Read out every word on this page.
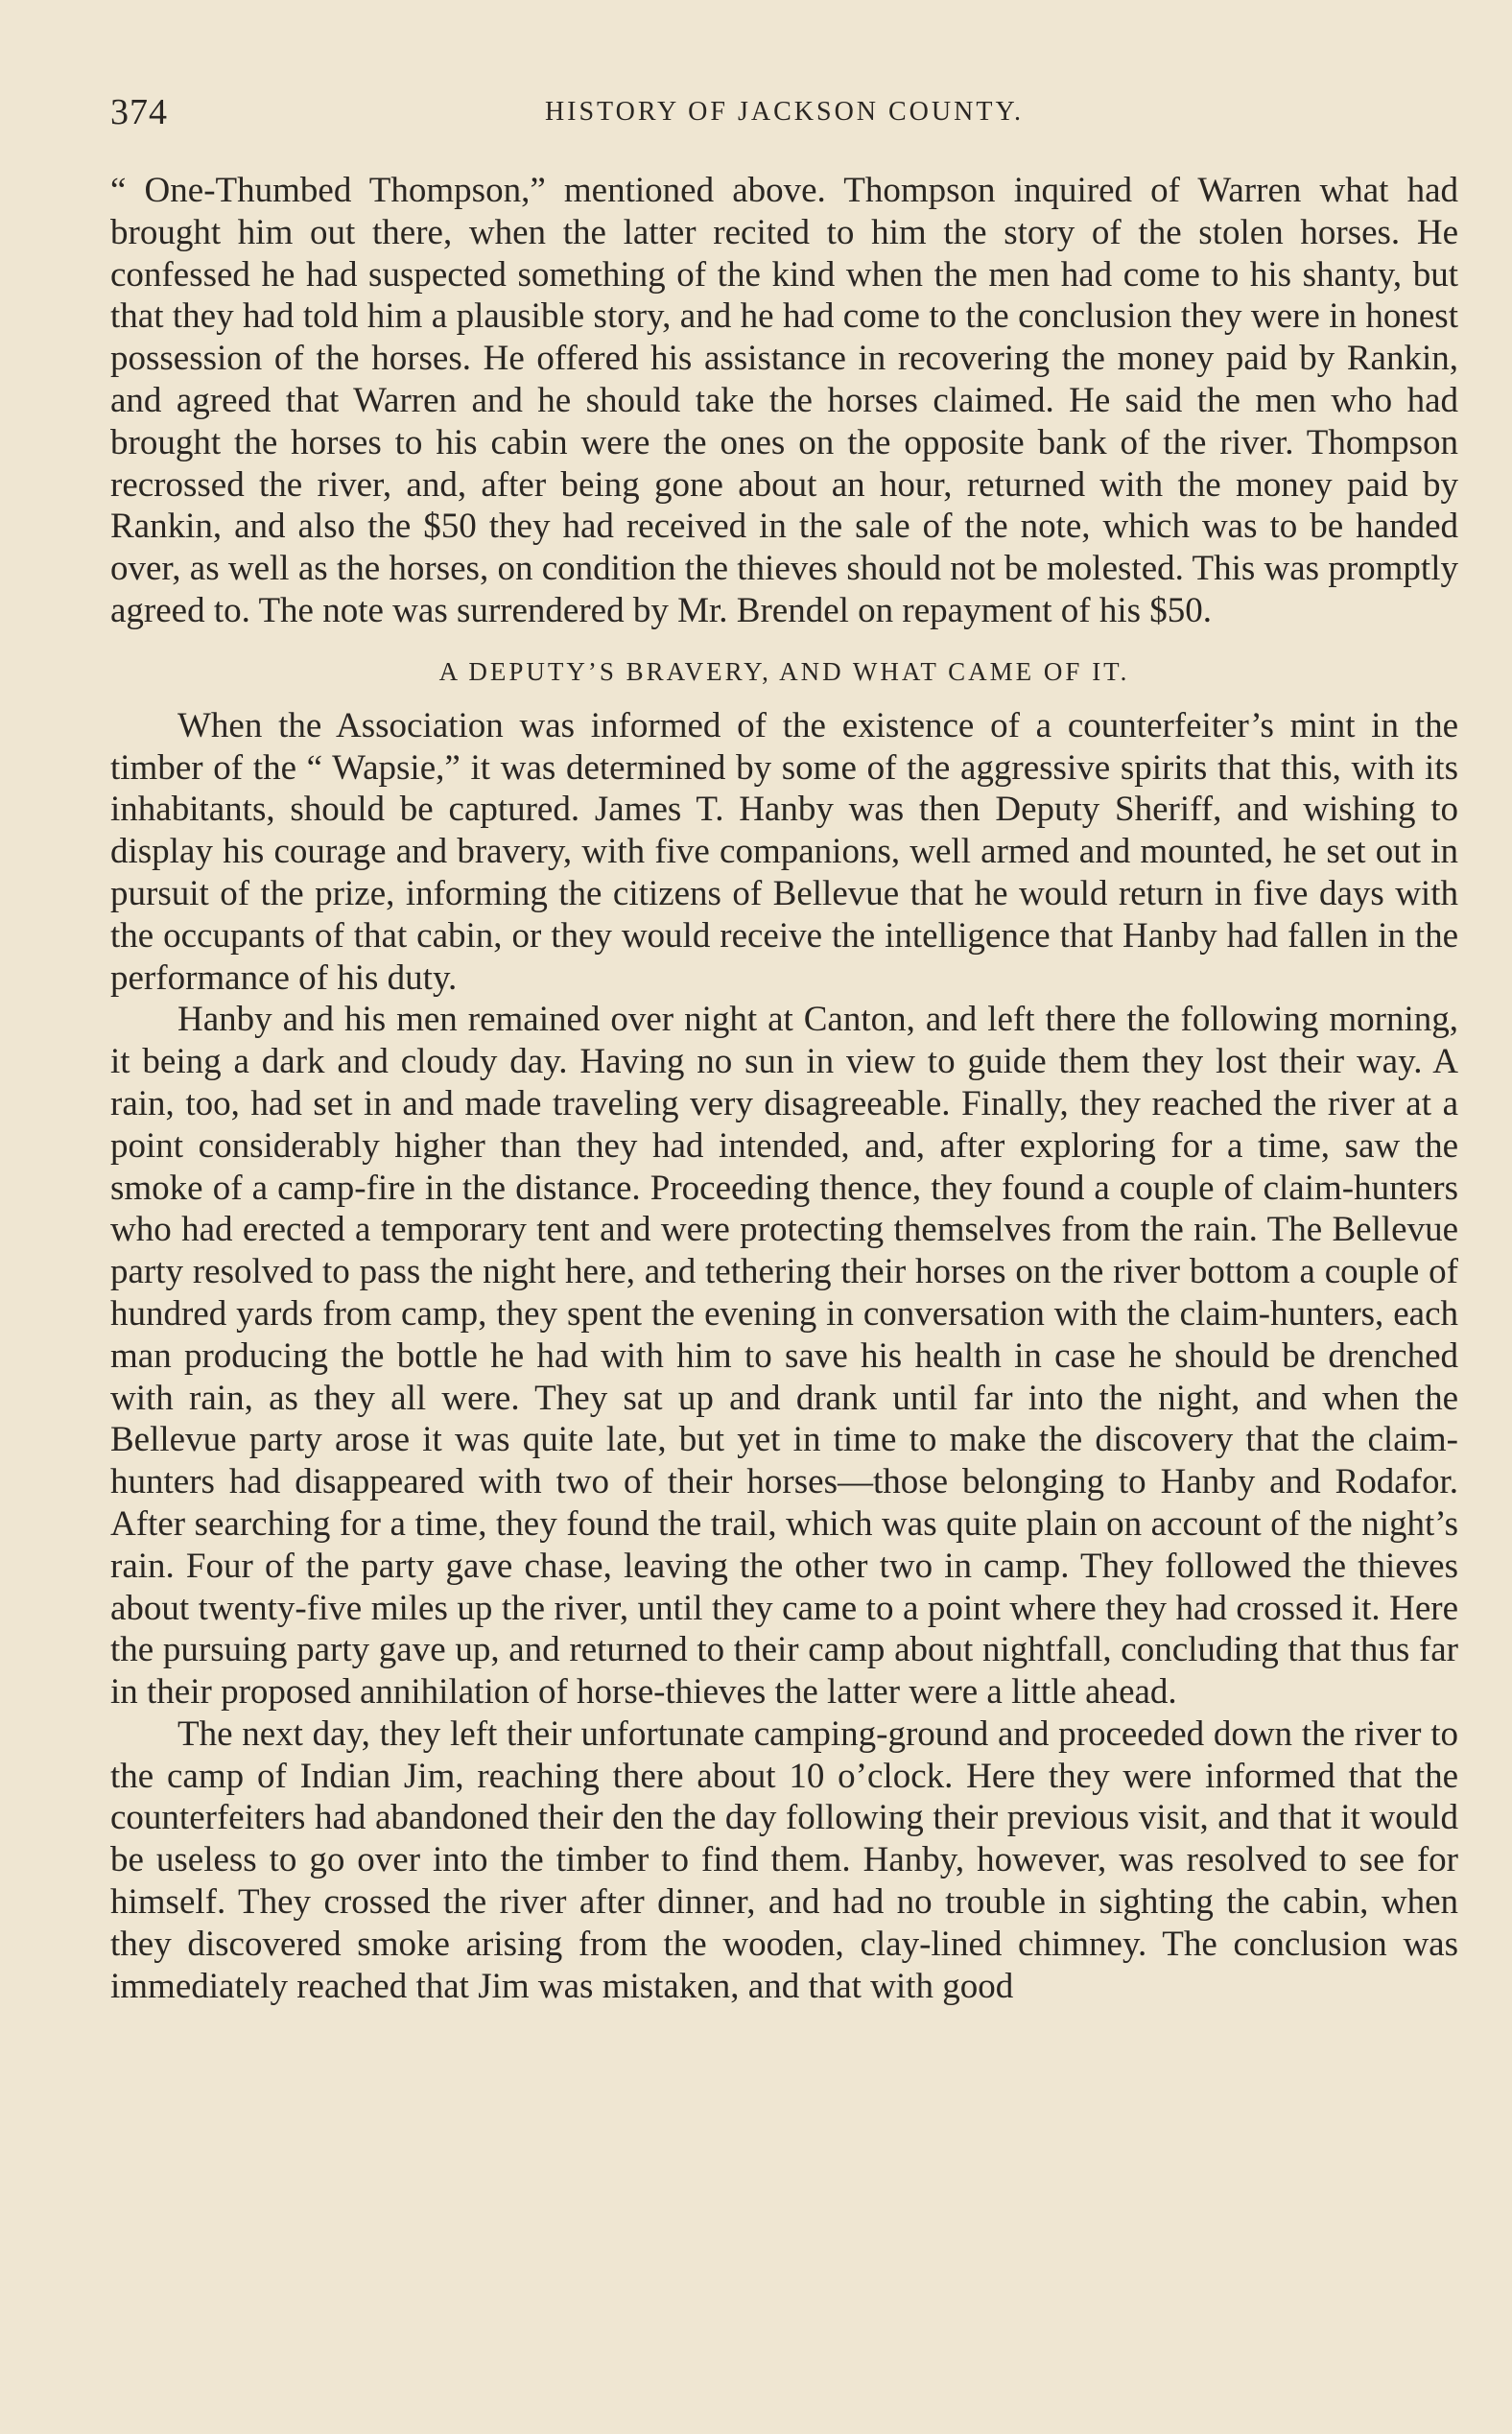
374	HISTORY OF JACKSON COUNTY.

“ One-Thumbed Thompson,” mentioned above. Thompson inquired of Warren what had brought him out there, when the latter recited to him the story of the stolen horses. He confessed he had suspected something of the kind when the men had come to his shanty, but that they had told him a plausible story, and he had come to the conclusion they were in honest possession of the horses. He offered his assistance in recovering the money paid by Rankin, and agreed that Warren and he should take the horses claimed. He said the men who had brought the horses to his cabin were the ones on the opposite bank of the river. Thompson recrossed the river, and, after being gone about an hour, returned with the money paid by Rankin, and also the $50 they had received in the sale of the note, which was to be handed over, as well as the horses, on condition the thieves should not be molested. This was promptly agreed to. The note was surrendered by Mr. Brendel on repayment of his $50.

A DEPUTY’S BRAVERY, AND WHAT CAME OF IT.

When the Association was informed of the existence of a counterfeiter’s mint in the timber of the “ Wapsie,” it was determined by some of the aggressive spirits that this, with its inhabitants, should be captured. James T. Hanby was then Deputy Sheriff, and wishing to display his courage and bravery, with five companions, well armed and mounted, he set out in pursuit of the prize, informing the citizens of Bellevue that he would return in five days with the occupants of that cabin, or they would receive the intelligence that Hanby had fallen in the performance of his duty.

Hanby and his men remained over night at Canton, and left there the following morning, it being a dark and cloudy day. Having no sun in view to guide them they lost their way. A rain, too, had set in and made traveling very disagreeable. Finally, they reached the river at a point considerably higher than they had intended, and, after exploring for a time, saw the smoke of a camp-fire in the distance. Proceeding thence, they found a couple of claim-hunters who had erected a temporary tent and were protecting themselves from the rain. The Bellevue party resolved to pass the night here, and tethering their horses on the river bottom a couple of hundred yards from camp, they spent the evening in conversation with the claim-hunters, each man producing the bottle he had with him to save his health in case he should be drenched with rain, as they all were. They sat up and drank until far into the night, and when the Bellevue party arose it was quite late, but yet in time to make the discovery that the claim-hunters had disappeared with two of their horses—those belonging to Hanby and Rodafor. After searching for a time, they found the trail, which was quite plain on account of the night’s rain. Four of the party gave chase, leaving the other two in camp. They followed the thieves about twenty-five miles up the river, until they came to a point where they had crossed it. Here the pursuing party gave up, and returned to their camp about nightfall, concluding that thus far in their proposed annihilation of horse-thieves the latter were a little ahead.

The next day, they left their unfortunate camping-ground and proceeded down the river to the camp of Indian Jim, reaching there about 10 o’clock. Here they were informed that the counterfeiters had abandoned their den the day following their previous visit, and that it would be useless to go over into the timber to find them. Hanby, however, was resolved to see for himself. They crossed the river after dinner, and had no trouble in sighting the cabin, when they discovered smoke arising from the wooden, clay-lined chimney. The conclusion was immediately reached that Jim was mistaken, and that with good
